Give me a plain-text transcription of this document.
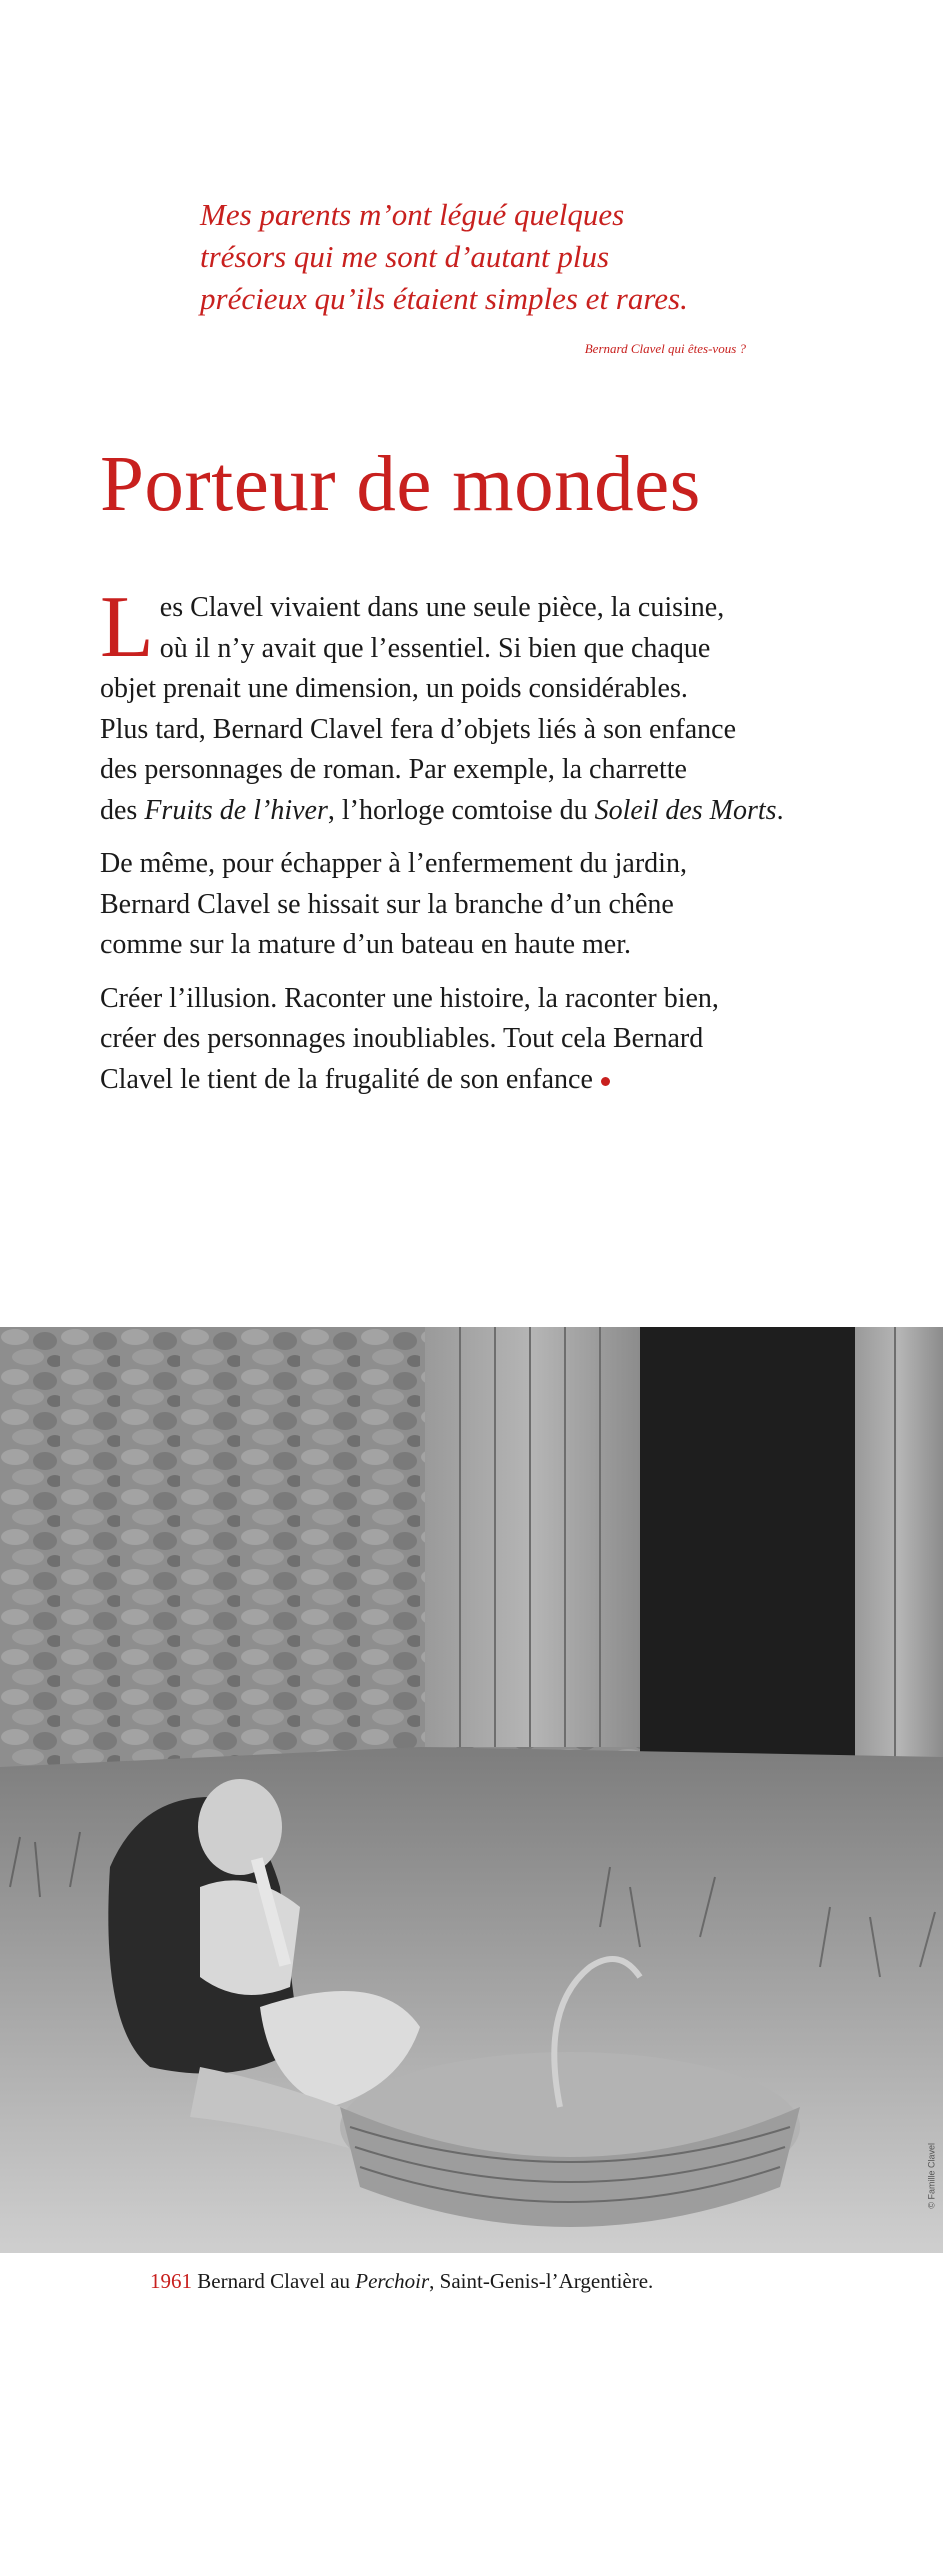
Mes parents m’ont légué quelques
trésors qui me sont d’autant plus
précieux qu’ils étaient simples et rares.
Bernard Clavel qui êtes-vous ?
Porteur de mondes

L es Clavel vivaient dans une seule pièce, la cuisine,
où il n’y avait que l’essentiel. Si bien que chaque
objet prenait une dimension, un poids considérables.
Plus tard, Bernard Clavel fera d’objets liés à son enfance
des personnages de roman. Par exemple, la charrette
des Fruits de l’hiver, l’horloge comtoise du Soleil des Morts.

De même, pour échapper à l’enfermement du jardin,
Bernard Clavel se hissait sur la branche d’un chêne
comme sur la mature d’un bateau en haute mer.

Créer l’illusion. Raconter une histoire, la raconter bien,
créer des personnages inoubliables. Tout cela Bernard
Clavel le tient de la frugalité de son enfance

© Famille Clavel
1961 Bernard Clavel au Perchoir, Saint-Genis-l’Argentière.
